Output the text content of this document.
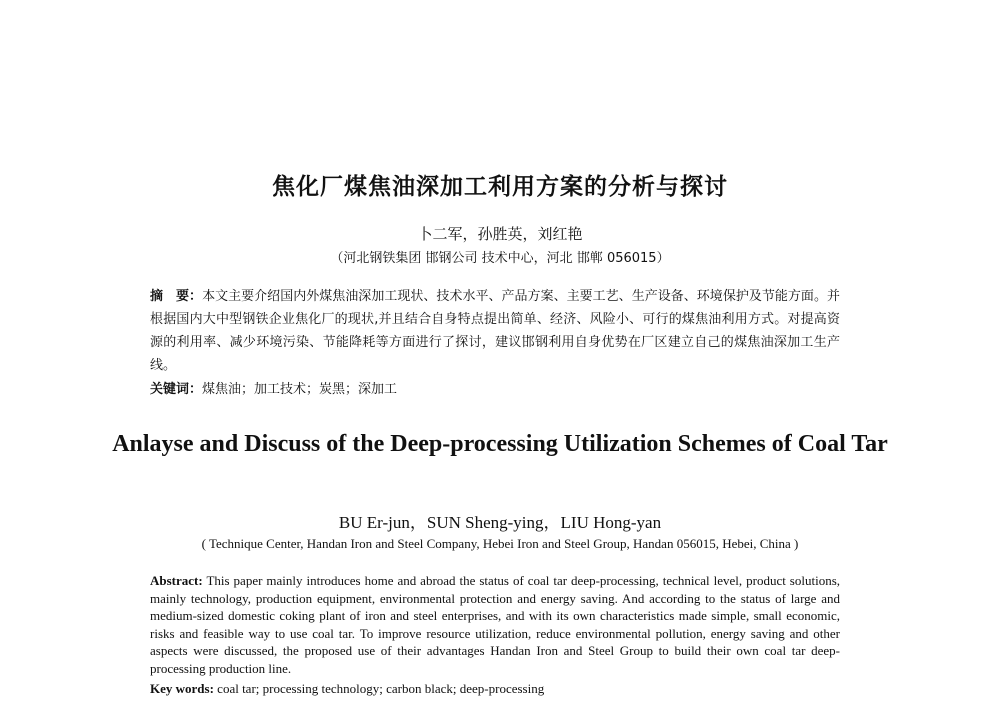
焦化厂煤焦油深加工利用方案的分析与探讨
卜二军，孙胜英，刘红艳
（河北钢铁集团 邯钢公司 技术中心，河北 邯郸 056015）
摘　要：本文主要介绍国内外煤焦油深加工现状、技术水平、产品方案、主要工艺、生产设备、环境保护及节能方面。并根据国内大中型钢铁企业焦化厂的现状,并且结合自身特点提出简单、经济、风险小、可行的煤焦油利用方式。对提高资源的利用率、减少环境污染、节能降耗等方面进行了探讨，建议邯钢利用自身优势在厂区建立自己的煤焦油深加工生产线。
关键词：煤焦油；加工技术；炭黑；深加工
Anlayse and Discuss of the Deep-processing Utilization Schemes of Coal Tar
BU Er-jun，SUN Sheng-ying，LIU Hong-yan
( Technique Center, Handan Iron and Steel Company, Hebei Iron and Steel Group, Handan 056015, Hebei, China )
Abstract: This paper mainly introduces home and abroad the status of coal tar deep-processing, technical level, product solutions, mainly technology, production equipment, environmental protection and energy saving. And according to the status of large and medium-sized domestic coking plant of iron and steel enterprises, and with its own characteristics made simple, small economic, risks and feasible way to use coal tar. To improve resource utilization, reduce environmental pollution, energy saving and other aspects were discussed, the proposed use of their advantages Handan Iron and Steel Group to build their own coal tar deep-processing production line.
Key words: coal tar; processing technology; carbon black; deep-processing
